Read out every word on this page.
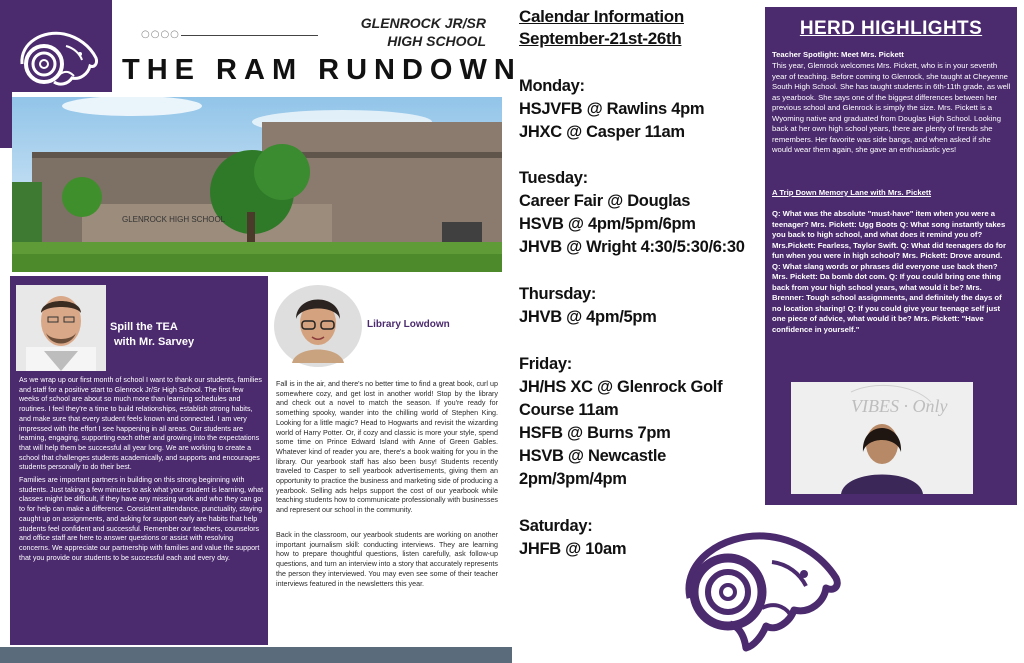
○○○○
GLENROCK JR/SR
HIGH SCHOOL
THE RAM RUNDOWN
GLENROCK HIGH SCHOOL
Spill the TEA
with Mr. Sarvey
As we wrap up our first month of school I want to thank our students, families and staff for a positive start to Glenrock Jr/Sr High School. The first few weeks of school are about so much more than learning schedules and routines. I feel they're a time to build relationships, establish strong habits, and make sure that every student feels known and connected. I am very impressed with the effort I see happening in all areas. Our students are learning, engaging, supporting each other and growing into the expectations that will help them be successful all year long. We are working to create a school that challenges students academically, and supports and encourages students personally to do their best.
Families are important partners in building on this strong beginning with students. Just taking a few minutes to ask what your student is learning, what classes might be difficult, if they have any missing work and who they can go to for help can make a difference. Consistent attendance, punctuality, staying caught up on assignments, and asking for support early are habits that help students feel confident and successful. Remember our teachers, counselors and office staff are here to answer questions or assist with resolving concerns. We appreciate our partnership with families and value the support that you provide our students to be successful each and every day.
Library Lowdown
Fall is in the air, and there's no better time to find a great book, curl up somewhere cozy, and get lost in another world! Stop by the library and check out a novel to match the season. If you're ready for something spooky, wander into the chilling world of Stephen King. Looking for a little magic? Head to Hogwarts and revisit the wizarding world of Harry Potter. Or, if cozy and classic is more your style, spend some time on Prince Edward Island with Anne of Green Gables. Whatever kind of reader you are, there's a book waiting for you in the library. Our yearbook staff has also been busy! Students recently traveled to Casper to sell yearbook advertisements, giving them an opportunity to practice the business and marketing side of producing a yearbook. Selling ads helps support the cost of our yearbook while teaching students how to communicate professionally with businesses and represent our school in the community.
Back in the classroom, our yearbook students are working on another important journalism skill: conducting interviews. They are learning how to prepare thoughtful questions, listen carefully, ask follow-up questions, and turn an interview into a story that accurately represents the person they interviewed. You may even see some of their teacher interviews featured in the newsletters this year.
Calendar Information
September-21st-26th
Monday:
HSJVFB @ Rawlins 4pm
JHXC @ Casper 11am
Tuesday:
Career Fair @ Douglas
HSVB @ 4pm/5pm/6pm
JHVB @ Wright 4:30/5:30/6:30
Thursday:
JHVB @ 4pm/5pm
Friday:
JH/HS XC @ Glenrock Golf
Course 11am
HSFB @ Burns 7pm
HSVB @ Newcastle
2pm/3pm/4pm
Saturday:
JHFB @ 10am
HERD HIGHLIGHTS
Teacher Spotlight: Meet Mrs. Pickett
This year, Glenrock welcomes Mrs. Pickett, who is in your seventh year of teaching. Before coming to Glenrock, she taught at Cheyenne South High School. She has taught students in 6th-11th grade, as well as yearbook. She says one of the biggest differences between her previous school and Glenrock is simply the size. Mrs. Pickett is a Wyoming native and graduated from Douglas High School. Looking back at her own high school years, there are plenty of trends she remembers. Her favorite was side bangs, and when asked if she would wear them again, she gave an enthusiastic yes!
A Trip Down Memory Lane with Mrs. Pickett
Q: What was the absolute "must-have" item when you were a teenager? Mrs. Pickett: Ugg Boots Q: What song instantly takes you back to high school, and what does it remind you of? Mrs.Pickett: Fearless, Taylor Swift. Q: What did teenagers do for fun when you were in high school? Mrs. Pickett: Drove around. Q: What slang words or phrases did everyone use back then? Mrs. Pickett: Da bomb dot com. Q: If you could bring one thing back from your high school years, what would it be? Mrs. Brenner: Tough school assignments, and definitely the days of no location sharing! Q: If you could give your teenage self just one piece of advice, what would it be? Mrs. Pickett: "Have confidence in yourself."
VIBES · Only
